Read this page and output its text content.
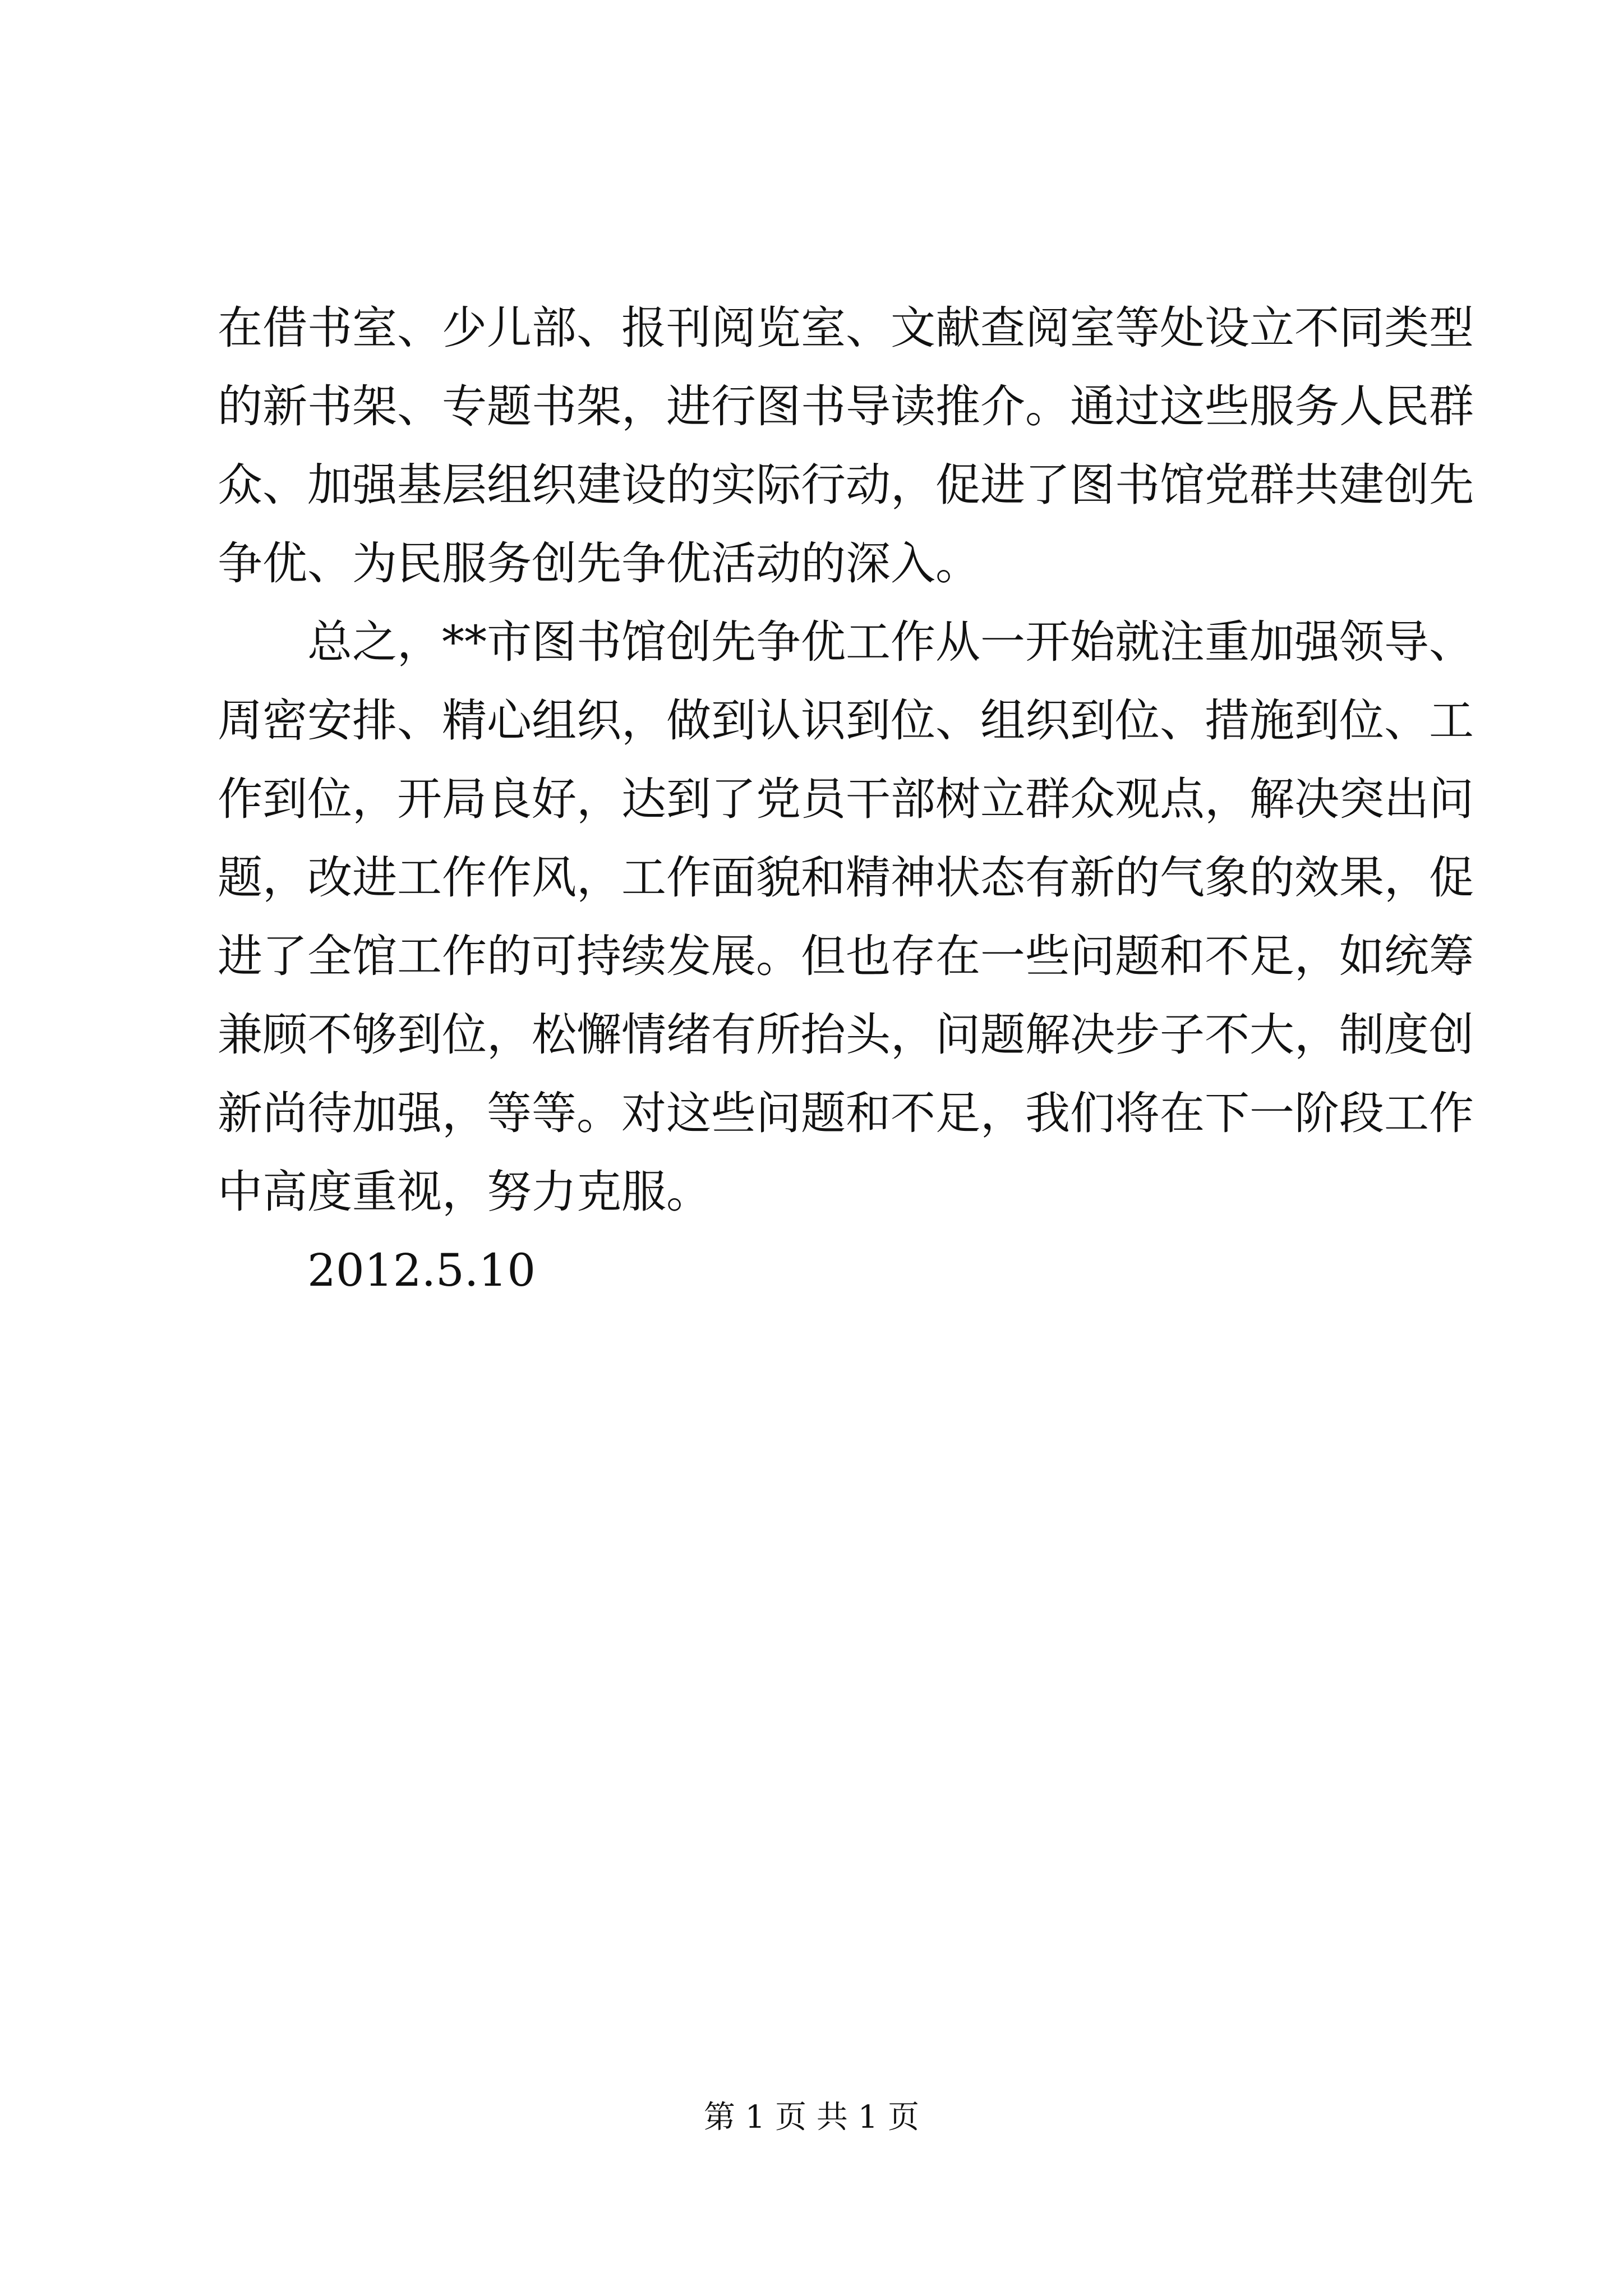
在借书室、少儿部、报刊阅览室、文献查阅室等处设立不同类型
的新书架、专题书架，进行图书导读推介。通过这些服务人民群
众、加强基层组织建设的实际行动，促进了图书馆党群共建创先
争优、为民服务创先争优活动的深入。
总之，**市图书馆创先争优工作从一开始就注重加强领导、
周密安排、精心组织，做到认识到位、组织到位、措施到位、工
作到位，开局良好，达到了党员干部树立群众观点，解决突出问
题，改进工作作风，工作面貌和精神状态有新的气象的效果，促
进了全馆工作的可持续发展。但也存在一些问题和不足，如统筹
兼顾不够到位，松懈情绪有所抬头，问题解决步子不大，制度创
新尚待加强，等等。对这些问题和不足，我们将在下一阶段工作
中高度重视，努力克服。
2012.5.10
第 1 页 共 1 页
